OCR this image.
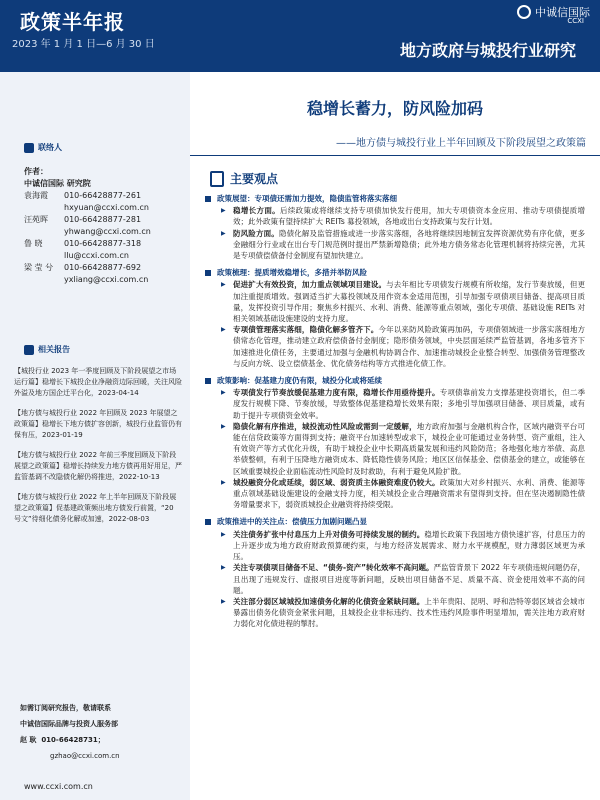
政策半年报
2023 年 1 月 1 日—6 月 30 日
中诚信国际
CCXI
地方政府与城投行业研究
联络人
作者：
中诚信国际 研究院
袁海霞	010-66428877-261
hxyuan@ccxi.com.cn
汪苑晖	010-66428877-281
yhwang@ccxi.com.cn
鲁 晓	010-66428877-318
llu@ccxi.com.cn
梁 莹 兮 010-66428877-692
yxliang@ccxi.com.cn
相关报告

【城投行业 2023 年一季度回顾及下阶段展望之市场运行篇】稳增长下城投企业净融资边际回暖，关注风险外溢及地方国企迁平台化，2023-04-14

【地方债与城投行业 2022 年回顾及 2023 年展望之政策篇】稳增长下地方债扩容创新，城投行业监管仍有保有压，2023-01-19

【地方债与城投行业 2022 年前三季度回顾及下阶段展望之政策篇】稳增长持续发力地方债再用好用足，严监管基调不改隐债化解仍将推进，2022-10-13

【地方债与城投行业 2022 年上半年回顾及下阶段展望之政策篇】促基建政策频出地方债发行前置，“20 号文”待细化债务化解或加速，2022-08-03

如需订阅研究报告，敬请联系
中诚信国际品牌与投资人服务部
赵 耿 010-66428731；
gzhao@ccxi.com.cn
www.ccxi.com.cn
稳增长蓄力，防风险加码
——地方债与城投行业上半年回顾及下阶段展望之政策篇
主要观点
政策展望：专项债还需加力提效，隐债监管将落实落细
▶ 稳增长方面。后续政策或将继续支持专项债加快发行使用，加大专项债资本金应用、推动专项债提质增效；此外政策有望持续扩大 REITs 募投领域，各地或出台支持政策与发行计划。
▶ 防风险方面。隐债化解及监管措施或进一步落实落细，各地将继续因地制宜发挥资源优势有序化债，更多金融细分行业或在出台专门规范例时提出严禁新增隐债；此外地方债务常态化管理机制将持续完善，尤其是专项债偿债备付金制度有望加快建立。
政策梳理：提质增效稳增长，多措并举防风险
▶ 促进扩大有效投资，加力重点领域项目建设。与去年相比专项债发行规模有所收缩，发行节奏放缓，但更加注重提质增效。强调适当扩大募投领域及用作资本金适用范围，引导加强专项债项目储备、提高项目质量，发挥投资引导作用；聚焦乡村振兴、水利、消费、能源等重点领域，强化专项债、基础设施 REITs 对相关领域基础设施建设的支持力度。
▶ 专项债管理落实落细，隐债化解多管齐下。今年以来防风险政策再加码，专项债领域进一步落实落细地方债常态化管理，推动建立政府偿债备付金制度；隐形债务领域，中央层面延续严监管基调，各地多管齐下加速推进化债任务，主要通过加强与金融机构协调合作、加速推动城投企业整合转型、加强债务管理整改与反向方统、设立偿债基金、优化债务结构等方式推进化债工作。
政策影响：促基建力度仍有限，城投分化或将延续
▶ 专项债发行节奏放缓促基建力度有限，稳增长作用亟待提升。专项债靠前发力支撑基建投资增长，但二季度发行规模下降、节奏放缓，导致整体促基建稳增长效果有限；多地引导加强项目储备、项目质量，或有助于提升专项债资金效率。
▶ 隐债化解有序推进，城投流动性风险或需到一定缓解，地方政府加强与金融机构合作，区域内融资平台可能在信贷政策等方面得到支持；融资平台加速转型或求下，城投企业可能通过业务转型、资产重组，注入有效资产等方式优化升级，有助于城投企业中长期高质量发展和违约风险防范；各地强化地方举债、高息举债整顿，有利于压降地方融资成本、降低隐性债务风险；地区区信保基金、偿债基金的建立，或能够在区域重要城投企业面临流动性风险时及时救助，有利于避免风险扩散。
▶ 城投融资分化或延续，弱区域、弱资质主体融资难度仍较大。政策加大对乡村振兴、水利、消费、能源等重点领域基础设施建设的金融支持力度，相关城投企业合理融资需求有望得到支持。但在坚决遏制隐性债务增量要求下，弱资质城投企业融资将持续受限。
政策推进中的关注点：偿债压力加剧问题凸显
▶ 关注债务扩张中付息压力上升对债务可持续发展的制约。稳增长政策下我国地方债快速扩容，付息压力的上升逐步成为地方政府财政预算硬约束，与地方经济发展需求、财力水平规模配，财力薄弱区域更为承压。
▶ 关注专项债项目储备不足、“债务-资产”转化效率不高问题。严监管背景下 2022 年专项债违规问题仍存，且出现了违规发行、虚报项目进度等新问题，反映出项目储备不足、质量不高、资金使用效率不高的问题。
▶ 关注部分弱区域城投加速债务化解的化债资金紧缺问题。上半年贵阳、昆明、呼和浩特等弱区域省会城市暴露出债务化债资金紧张问题，且城投企业非标违约、技术性违约风险事件明显增加，需关注地方政府财力弱化对化债进程的掣肘。
